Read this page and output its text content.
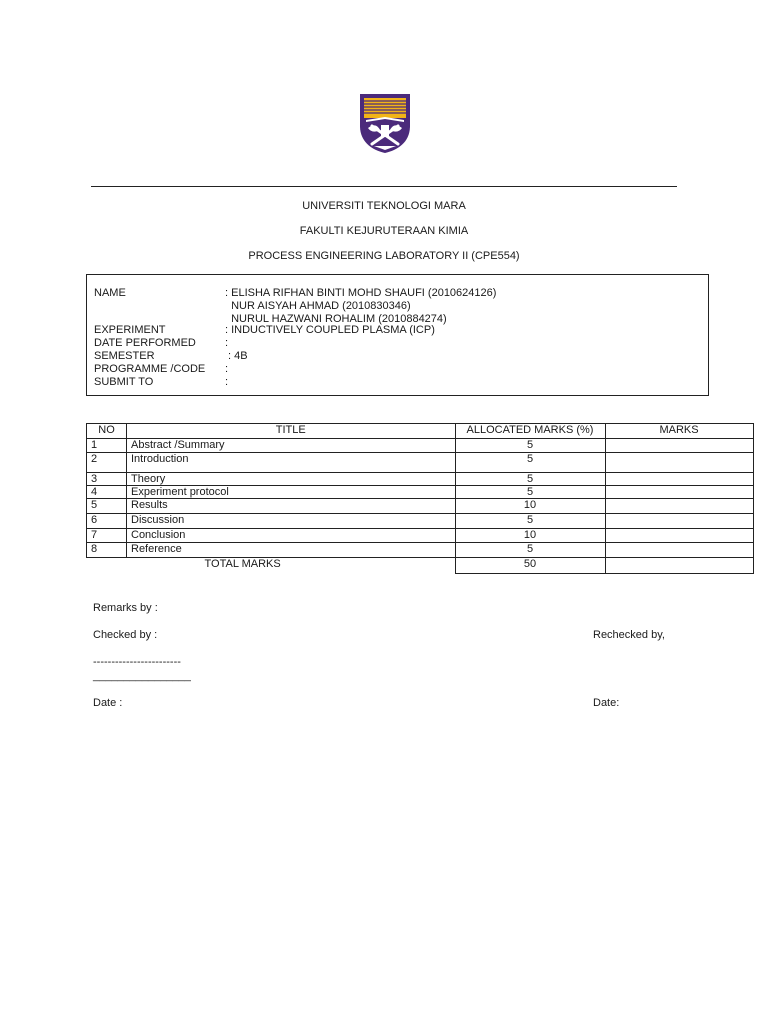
UNIVERSITI TEKNOLOGI MARA
FAKULTI KEJURUTERAAN KIMIA
PROCESS ENGINEERING LABORATORY II (CPE554)
NAME	: ELISHA RIFHAN BINTI MOHD SHAUFI (2010624126)
NUR AISYAH AHMAD (2010830346)
NURUL HAZWANI ROHALIM (2010884274)
EXPERIMENT	: INDUCTIVELY COUPLED PLASMA (ICP)
DATE PERFORMED	:
SEMESTER	: 4B
PROGRAMME /CODE :
SUBMIT TO	:
NO	TITLE	ALLOCATED MARKS (%)	MARKS
1	Abstract /Summary	5	
2	Introduction	5	
3	Theory	5	
4	Experiment protocol	5	
5	Results	10	
6	Discussion	5	
7	Conclusion	10	
8	Reference	5	
	TOTAL MARKS	50	
Remarks by :
Checked by :	Rechecked by,
------------------------
________________
Date :	Date:
